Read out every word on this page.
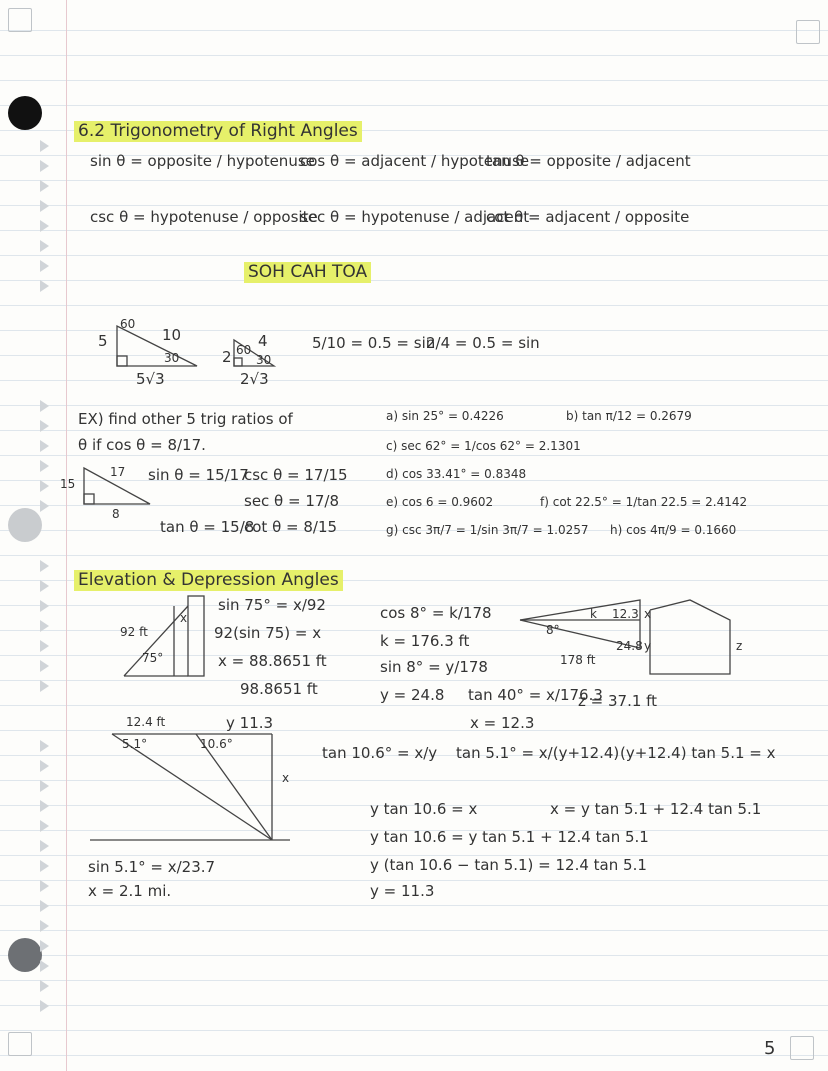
6.2 Trigonometry of Right Angles
sin θ = opposite / hypotenuse
cos θ = adjacent / hypotenuse
tan θ = opposite / adjacent
csc θ = hypotenuse / opposite
sec θ = hypotenuse / adjacent
cot θ = adjacent / opposite
SOH CAH TOA
60
10
5
30
5√3
60 4
2 30
2√3
5/10 = 0.5 = sin
2/4 = 0.5 = sin
EX) find other 5 trig ratios of
θ if cos θ = 8/17.
15
17
8
sin θ = 15/17
csc θ = 17/15
sec θ = 17/8
tan θ = 15/8
cot θ = 8/15
a) sin 25° = 0.4226	b) tan π/12 = 0.2679
c) sec 62° = 1/cos 62° = 2.1301
d) cos 33.41° = 0.8348
e) cos 6 = 0.9602	f) cot 22.5° = 1/tan 22.5 = 2.4142
g) csc 3π/7 = 1/sin 3π/7 = 1.0257 h) cos 4π/9 = 0.1660
Elevation & Depression Angles
x
92 ft
75°
sin 75° = x/92
92(sin 75) = x
x = 88.8651 ft
98.8651 ft
cos 8° = k/178
k = 176.3 ft
sin 8° = y/178
y = 24.8 tan 40° = x/176.3
x = 12.3
z = 37.1 ft
178 ft
8°
k 12.3
24.8
x
y	z
12.4 ft	y 11.3
5.1°	10.6°
x
tan 10.6° = x/y tan 5.1° = x/(y+12.4) (y+12.4) tan 5.1 = x
y tan 10.6 = x	x = y tan 5.1 + 12.4 tan 5.1
y tan 10.6 = y tan 5.1 + 12.4 tan 5.1
y (tan 10.6 − tan 5.1) = 12.4 tan 5.1
y = 11.3
sin 5.1° = x/23.7
x = 2.1 mi.
5
